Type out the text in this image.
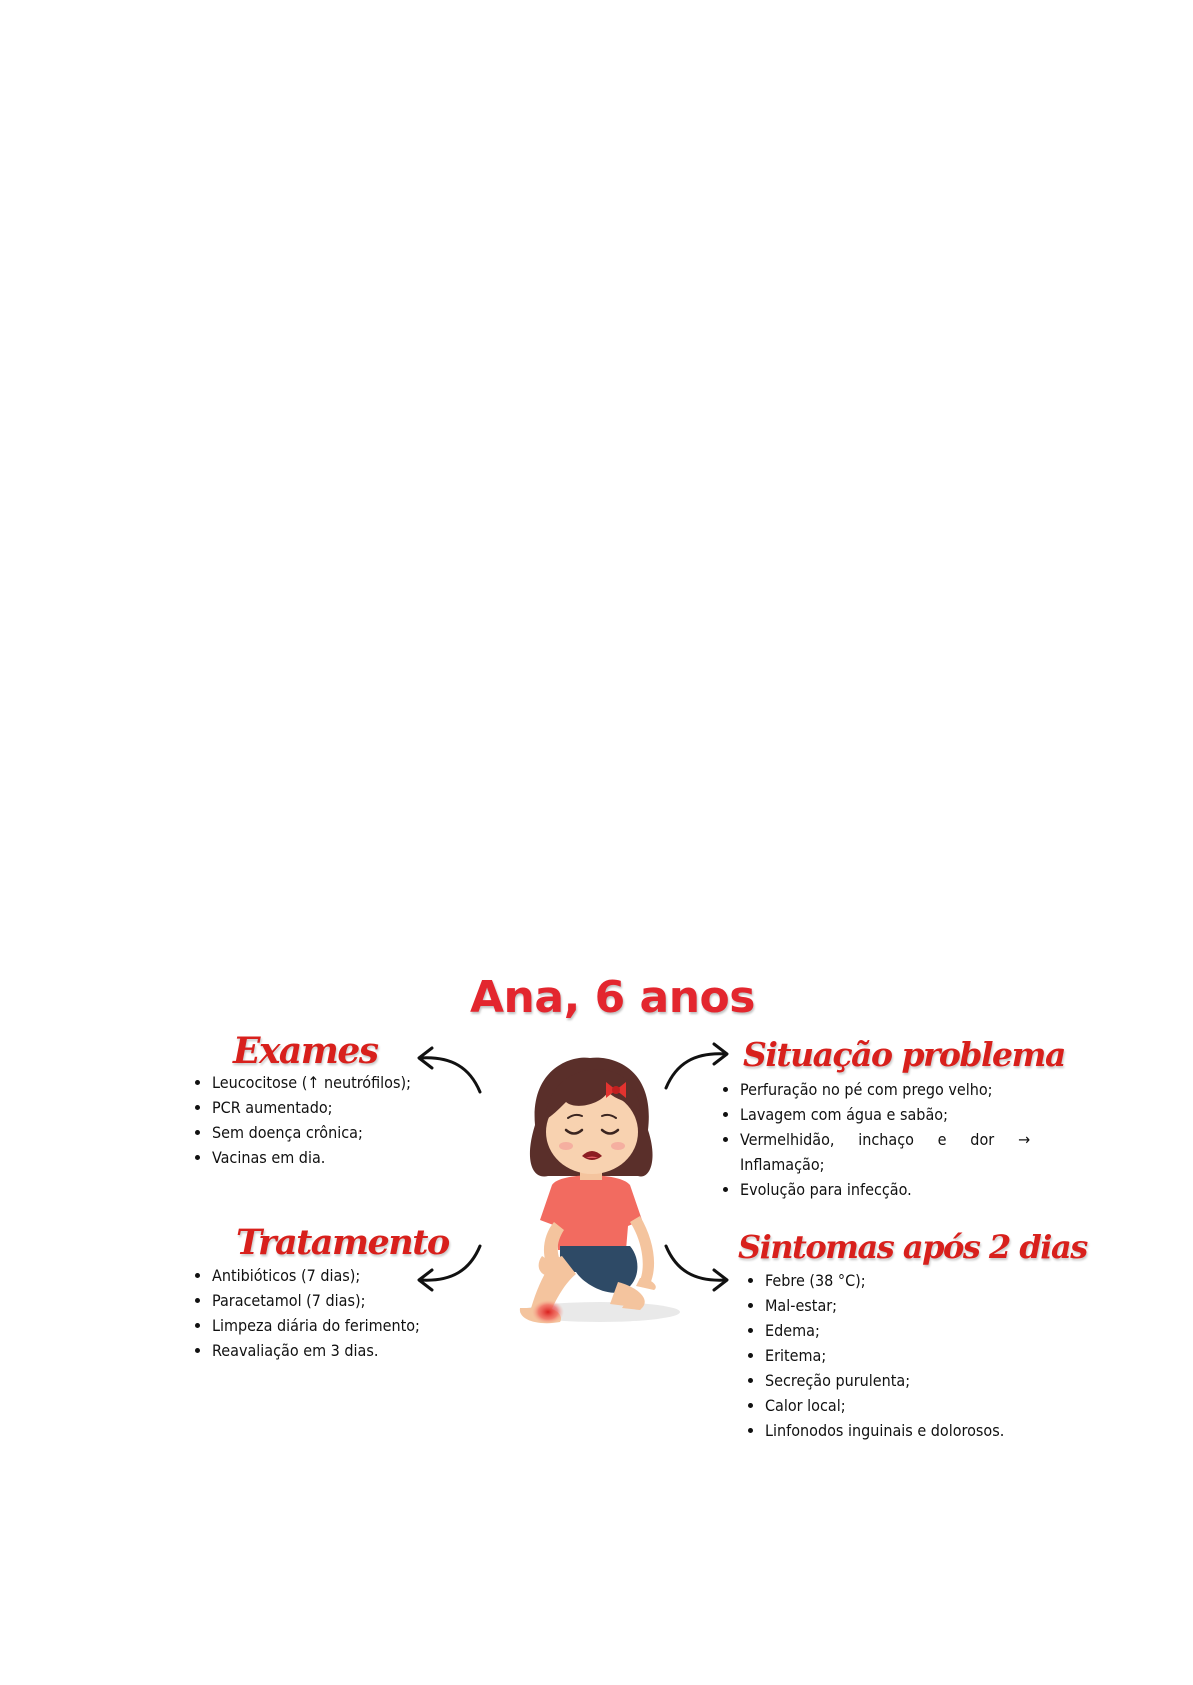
Ana, 6 anos
Exames
• Leucocitose (↑ neutrófilos);
• PCR aumentado;
• Sem doença crônica;
• Vacinas em dia.
Situação problema
• Perfuração no pé com prego velho;
• Lavagem com água e sabão;
• Vermelhidão, inchaço e dor → Inflamação;
• Evolução para infecção.
Tratamento
• Antibióticos (7 dias);
• Paracetamol (7 dias);
• Limpeza diária do ferimento;
• Reavaliação em 3 dias.
Sintomas após 2 dias
• Febre (38 °C);
• Mal-estar;
• Edema;
• Eritema;
• Secreção purulenta;
• Calor local;
• Linfonodos inguinais e dolorosos.
